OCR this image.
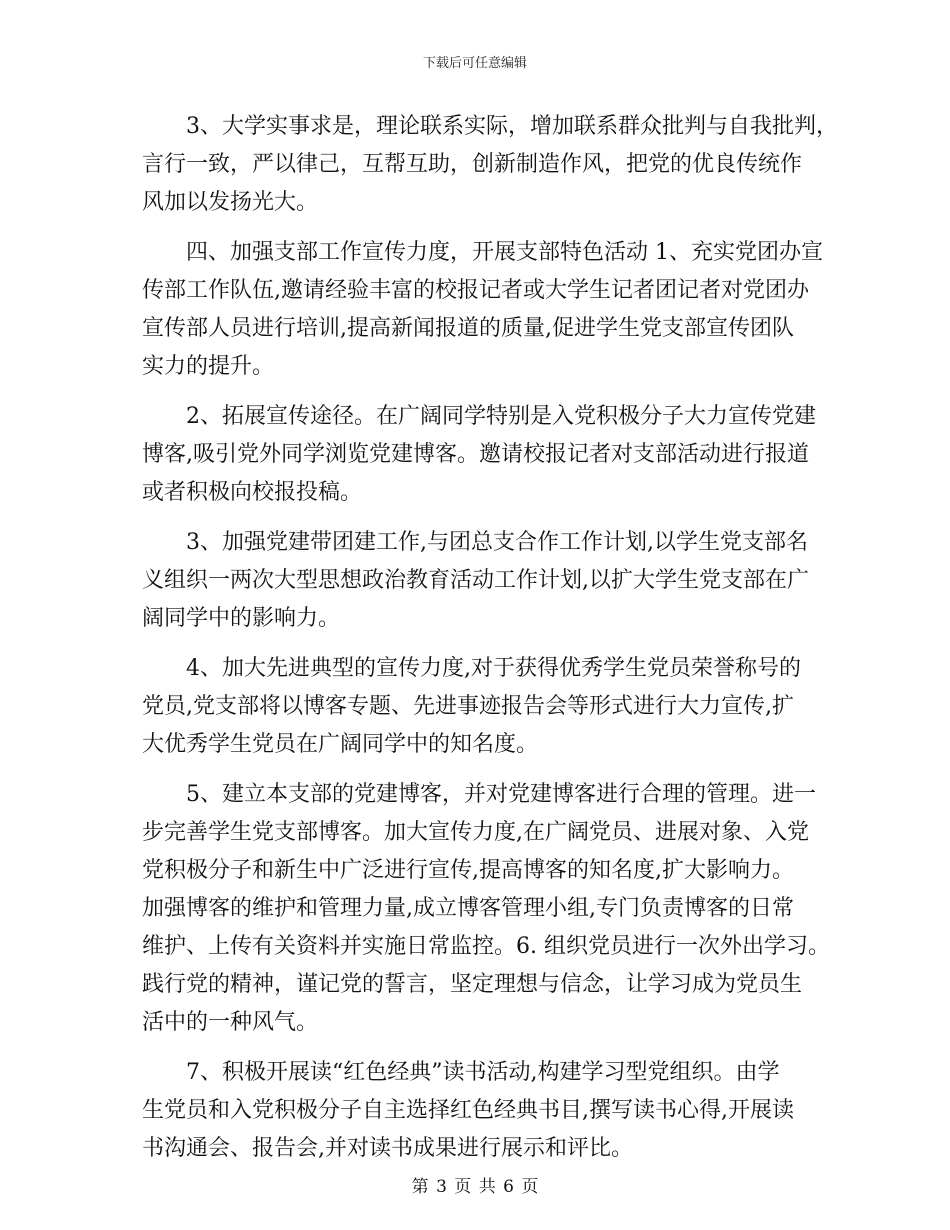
下载后可任意编辑
　　3、大学实事求是，理论联系实际，增加联系群众批判与自我批判，
言行一致，严以律己，互帮互助，创新制造作风，把党的优良传统作
风加以发扬光大。
　　四、加强支部工作宣传力度，开展支部特色活动 1、充实党团办宣
传部工作队伍,邀请经验丰富的校报记者或大学生记者团记者对党团办
宣传部人员进行培训,提高新闻报道的质量,促进学生党支部宣传团队
实力的提升。
　　2、拓展宣传途径。在广阔同学特别是入党积极分子大力宣传党建
博客,吸引党外同学浏览党建博客。邀请校报记者对支部活动进行报道
或者积极向校报投稿。
　　3、加强党建带团建工作,与团总支合作工作计划,以学生党支部名
义组织一两次大型思想政治教育活动工作计划,以扩大学生党支部在广
阔同学中的影响力。
　　4、加大先进典型的宣传力度,对于获得优秀学生党员荣誉称号的
党员,党支部将以博客专题、先进事迹报告会等形式进行大力宣传,扩
大优秀学生党员在广阔同学中的知名度。
　　5、建立本支部的党建博客，并对党建博客进行合理的管理。进一
步完善学生党支部博客。加大宣传力度,在广阔党员、进展对象、入党
党积极分子和新生中广泛进行宣传,提高博客的知名度,扩大影响力。
加强博客的维护和管理力量,成立博客管理小组,专门负责博客的日常
维护、上传有关资料并实施日常监控。6. 组织党员进行一次外出学习。
践行党的精神，谨记党的誓言，坚定理想与信念，让学习成为党员生
活中的一种风气。
　　7、积极开展读“红色经典”读书活动,构建学习型党组织。由学
生党员和入党积极分子自主选择红色经典书目,撰写读书心得,开展读
书沟通会、报告会,并对读书成果进行展示和评比。
第 3 页 共 6 页
